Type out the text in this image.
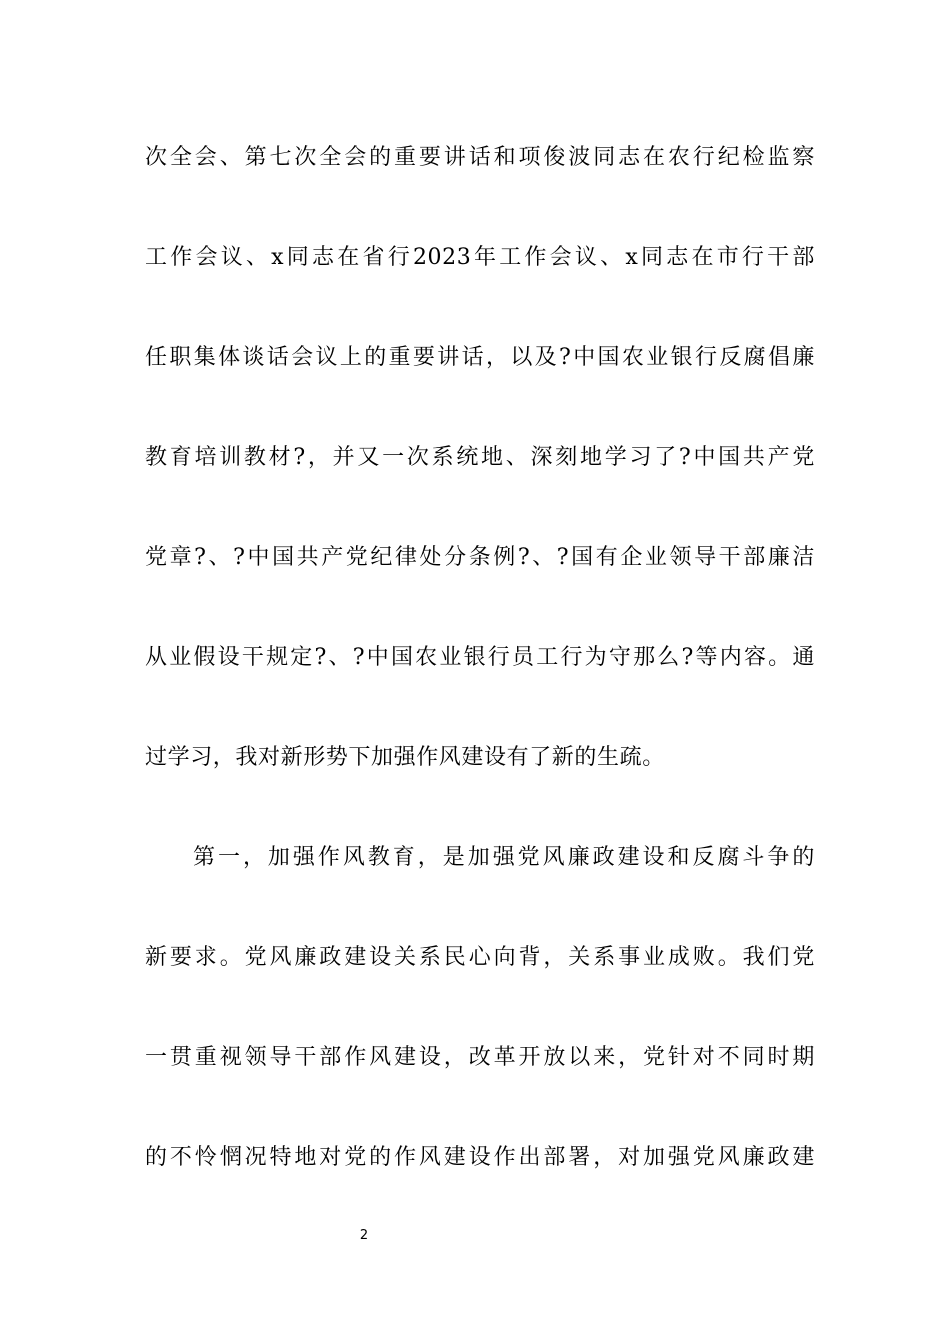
次全会、第七次全会的重要讲话和项俊波同志在农行纪检监察
工作会议、x同志在省行2023年工作会议、x同志在市行干部
任职集体谈话会议上的重要讲话，以及?中国农业银行反腐倡廉
教育培训教材?，并又一次系统地、深刻地学习了?中国共产党
党章?、?中国共产党纪律处分条例?、?国有企业领导干部廉洁
从业假设干规定?、?中国农业银行员工行为守那么?等内容。通
过学习，我对新形势下加强作风建设有了新的生疏。
第一，加强作风教育，是加强党风廉政建设和反腐斗争的
新要求。党风廉政建设关系民心向背，关系事业成败。我们党
一贯重视领导干部作风建设，改革开放以来，党针对不同时期
的不怜惘况特地对党的作风建设作出部署，对加强党风廉政建
2
